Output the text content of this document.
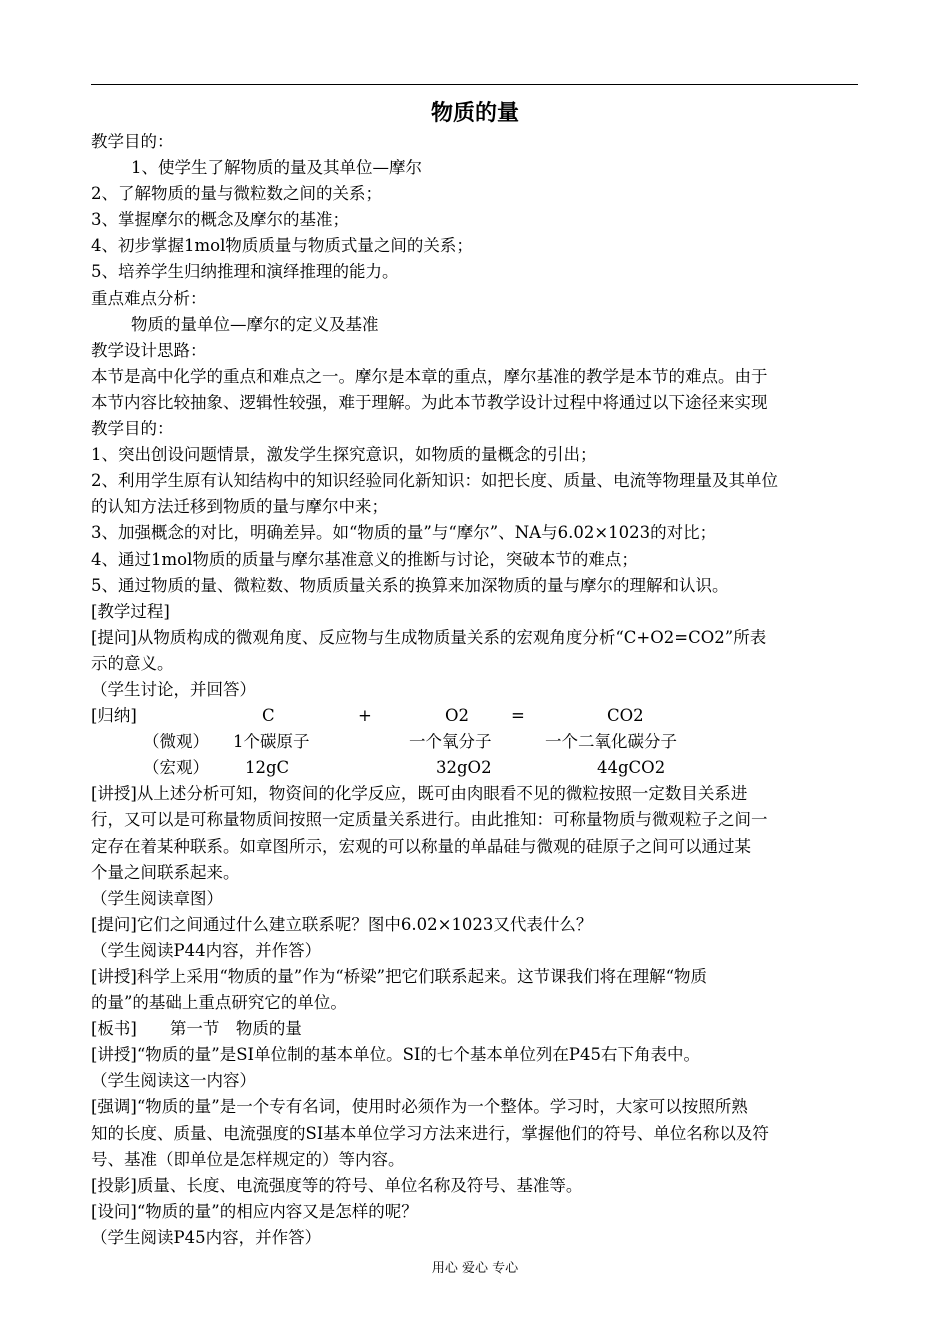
物质的量
教学目的：
1、使学生了解物质的量及其单位—摩尔
2、了解物质的量与微粒数之间的关系；
3、掌握摩尔的概念及摩尔的基准；
4、初步掌握1mol物质质量与物质式量之间的关系；
5、培养学生归纳推理和演绎推理的能力。
重点难点分析：
物质的量单位—摩尔的定义及基准
教学设计思路：
本节是高中化学的重点和难点之一。摩尔是本章的重点，摩尔基准的教学是本节的难点。由于
本节内容比较抽象、逻辑性较强，难于理解。为此本节教学设计过程中将通过以下途径来实现
教学目的：
1、突出创设问题情景，激发学生探究意识，如物质的量概念的引出；
2、利用学生原有认知结构中的知识经验同化新知识：如把长度、质量、电流等物理量及其单位
的认知方法迁移到物质的量与摩尔中来；
3、加强概念的对比，明确差异。如“物质的量”与“摩尔”、NA与6.02×1023的对比；
4、通过1mol物质的质量与摩尔基准意义的推断与讨论，突破本节的难点；
5、通过物质的量、微粒数、物质质量关系的换算来加深物质的量与摩尔的理解和认识。
[教学过程]
[提问]从物质构成的微观角度、反应物与生成物质量关系的宏观角度分析“C+O2=CO2”所表
示的意义。
（学生讨论，并回答）
[归纳]	C	+	O2	=	CO2
（微观） 1个碳原子	一个氧分子	一个二氧化碳分子
（宏观） 12gC	32gO2	44gCO2
[讲授]从上述分析可知，物资间的化学反应，既可由肉眼看不见的微粒按照一定数目关系进
行，又可以是可称量物质间按照一定质量关系进行。由此推知：可称量物质与微观粒子之间一
定存在着某种联系。如章图所示，宏观的可以称量的单晶硅与微观的硅原子之间可以通过某
个量之间联系起来。
（学生阅读章图）
[提问]它们之间通过什么建立联系呢？图中6.02×1023又代表什么？
（学生阅读P44内容，并作答）
[讲授]科学上采用“物质的量”作为“桥梁”把它们联系起来。这节课我们将在理解“物质
的量”的基础上重点研究它的单位。
[板书]　　第一节　物质的量
[讲授]“物质的量”是SI单位制的基本单位。SI的七个基本单位列在P45右下角表中。
（学生阅读这一内容）
[强调]“物质的量”是一个专有名词，使用时必须作为一个整体。学习时，大家可以按照所熟
知的长度、质量、电流强度的SI基本单位学习方法来进行，掌握他们的符号、单位名称以及符
号、基准（即单位是怎样规定的）等内容。
[投影]质量、长度、电流强度等的符号、单位名称及符号、基准等。
[设问]“物质的量”的相应内容又是怎样的呢？
（学生阅读P45内容，并作答）
用心 爱心 专心
